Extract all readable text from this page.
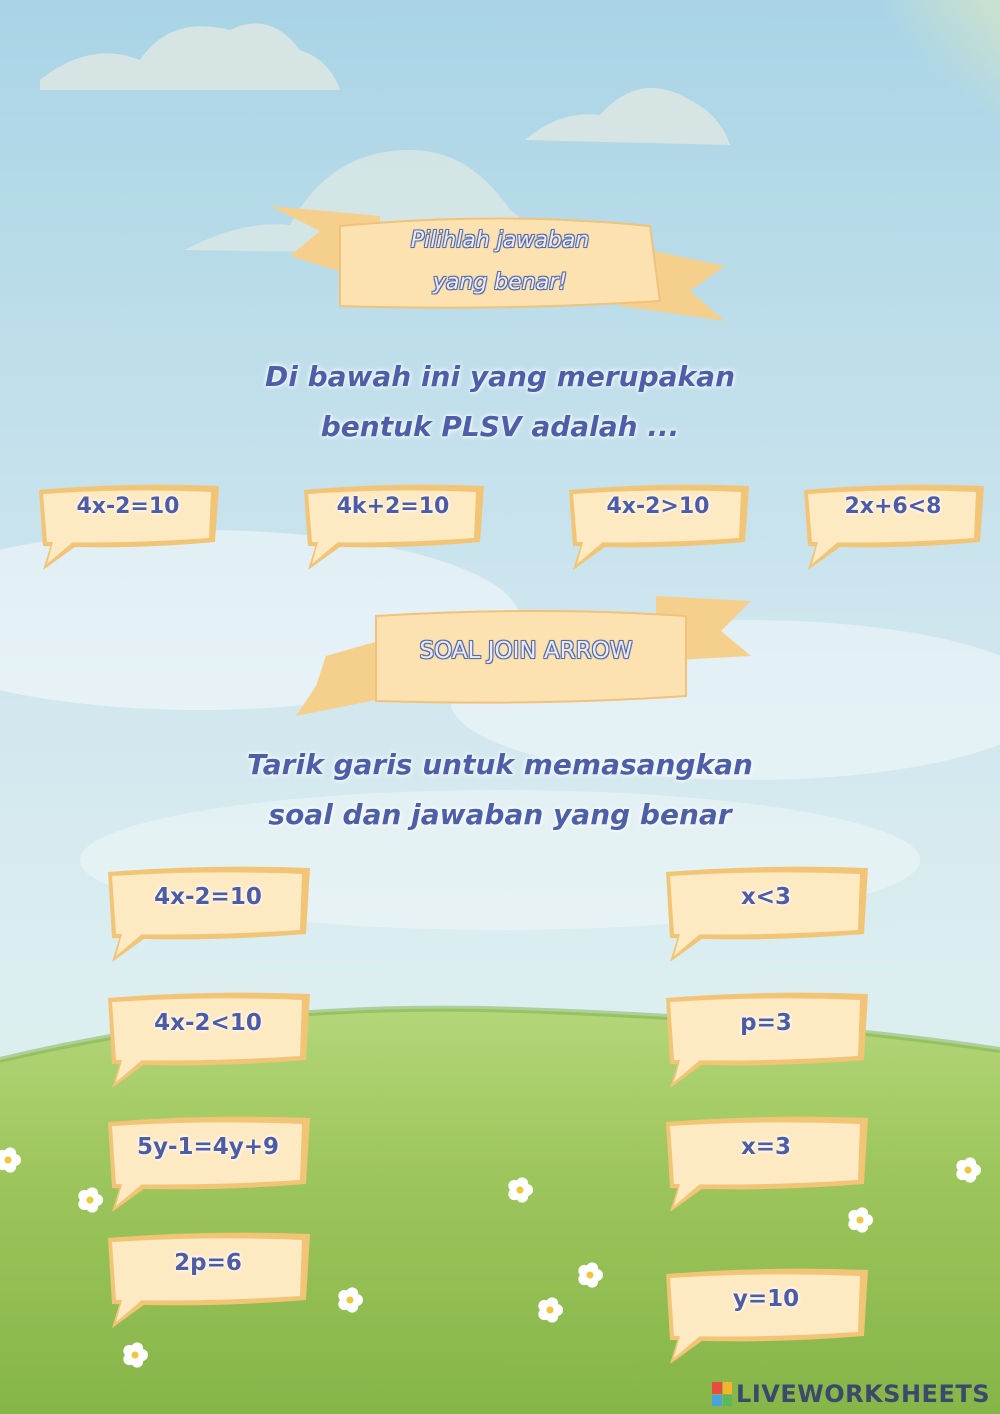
Pilihlah jawaban
yang benar!
Di bawah ini yang merupakan
bentuk PLSV adalah ...
4x-2=10	4k+2=10	4x-2>10	2x+6<8
SOAL JOIN ARROW
Tarik garis untuk memasangkan
soal dan jawaban yang benar
4x-2=10
4x-2<10
5y-1=4y+9
2p=6
x<3
p=3
x=3
y=10
LIVEWORKSHEETS
